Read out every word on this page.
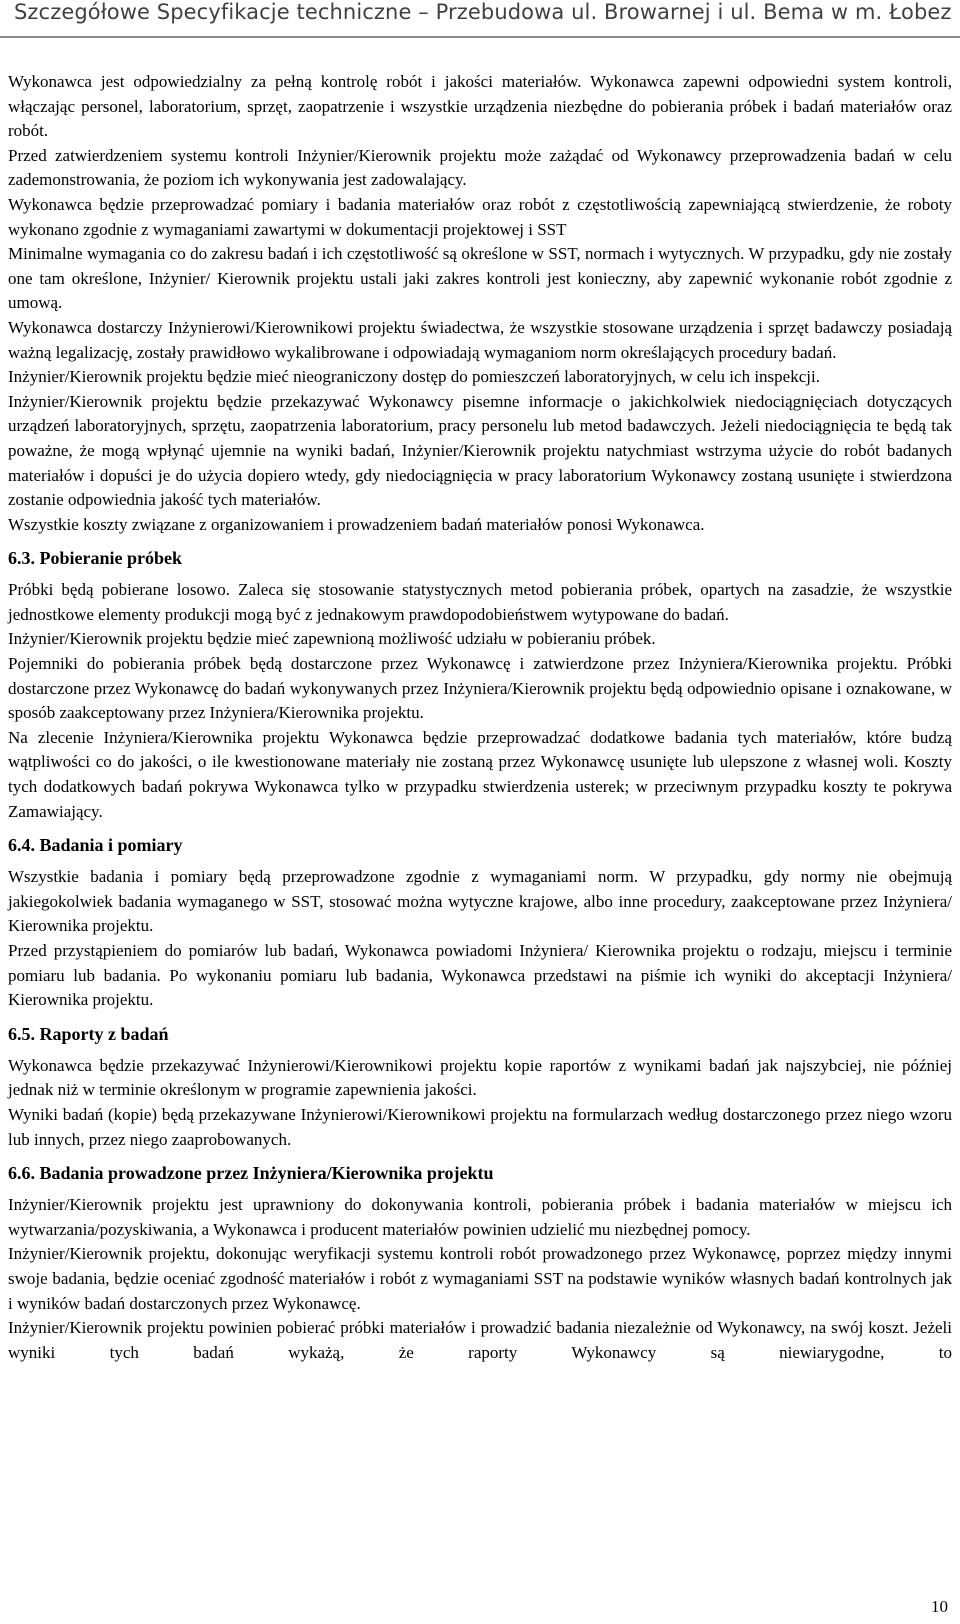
Szczegółowe Specyfikacje techniczne – Przebudowa ul. Browarnej i ul. Bema w m. Łobez

Wykonawca jest odpowiedzialny za pełną kontrolę robót i jakości materiałów. Wykonawca zapewni odpowiedni system kontroli, włączając personel, laboratorium, sprzęt, zaopatrzenie i wszystkie urządzenia niezbędne do pobierania próbek i badań materiałów oraz robót.

Przed zatwierdzeniem systemu kontroli Inżynier/Kierownik projektu może zażądać od Wykonawcy przeprowadzenia badań w celu zademonstrowania, że poziom ich wykonywania jest zadowalający.

Wykonawca będzie przeprowadzać pomiary i badania materiałów oraz robót z częstotliwością zapewniającą stwierdzenie, że roboty wykonano zgodnie z wymaganiami zawartymi w dokumentacji projektowej i SST

Minimalne wymagania co do zakresu badań i ich częstotliwość są określone w SST, normach i wytycznych. W przypadku, gdy nie zostały one tam określone, Inżynier/ Kierownik projektu ustali jaki zakres kontroli jest konieczny, aby zapewnić wykonanie robót zgodnie z umową.

Wykonawca dostarczy Inżynierowi/Kierownikowi projektu świadectwa, że wszystkie stosowane urządzenia i sprzęt badawczy posiadają ważną legalizację, zostały prawidłowo wykalibrowane i odpowiadają wymaganiom norm określających procedury badań.

Inżynier/Kierownik projektu będzie mieć nieograniczony dostęp do pomieszczeń laboratoryjnych, w celu ich inspekcji.

Inżynier/Kierownik projektu będzie przekazywać Wykonawcy pisemne informacje o jakichkolwiek niedociągnięciach dotyczących urządzeń laboratoryjnych, sprzętu, zaopatrzenia laboratorium, pracy personelu lub metod badawczych. Jeżeli niedociągnięcia te będą tak poważne, że mogą wpłynąć ujemnie na wyniki badań, Inżynier/Kierownik projektu natychmiast wstrzyma użycie do robót badanych materiałów i dopuści je do użycia dopiero wtedy, gdy niedociągnięcia w pracy laboratorium Wykonawcy zostaną usunięte i stwierdzona zostanie odpowiednia jakość tych materiałów.

Wszystkie koszty związane z organizowaniem i prowadzeniem badań materiałów ponosi Wykonawca.

6.3. Pobieranie próbek

Próbki będą pobierane losowo. Zaleca się stosowanie statystycznych metod pobierania próbek, opartych na zasadzie, że wszystkie jednostkowe elementy produkcji mogą być z jednakowym prawdopodobieństwem wytypowane do badań.

Inżynier/Kierownik projektu będzie mieć zapewnioną możliwość udziału w pobieraniu próbek.

Pojemniki do pobierania próbek będą dostarczone przez Wykonawcę i zatwierdzone przez Inżyniera/Kierownika projektu. Próbki dostarczone przez Wykonawcę do badań wykonywanych przez Inżyniera/Kierownik projektu będą odpowiednio opisane i oznakowane, w sposób zaakceptowany przez Inżyniera/Kierownika projektu.

Na zlecenie Inżyniera/Kierownika projektu Wykonawca będzie przeprowadzać dodatkowe badania tych materiałów, które budzą wątpliwości co do jakości, o ile kwestionowane materiały nie zostaną przez Wykonawcę usunięte lub ulepszone z własnej woli. Koszty tych dodatkowych badań pokrywa Wykonawca tylko w przypadku stwierdzenia usterek; w przeciwnym przypadku koszty te pokrywa Zamawiający.

6.4. Badania i pomiary

Wszystkie badania i pomiary będą przeprowadzone zgodnie z wymaganiami norm. W przypadku, gdy normy nie obejmują jakiegokolwiek badania wymaganego w SST, stosować można wytyczne krajowe, albo inne procedury, zaakceptowane przez Inżyniera/ Kierownika projektu.

Przed przystąpieniem do pomiarów lub badań, Wykonawca powiadomi Inżyniera/ Kierownika projektu o rodzaju, miejscu i terminie pomiaru lub badania. Po wykonaniu pomiaru lub badania, Wykonawca przedstawi na piśmie ich wyniki do akceptacji Inżyniera/ Kierownika projektu.

6.5. Raporty z badań

Wykonawca będzie przekazywać Inżynierowi/Kierownikowi projektu kopie raportów z wynikami badań jak najszybciej, nie później jednak niż w terminie określonym w programie zapewnienia jakości.

Wyniki badań (kopie) będą przekazywane Inżynierowi/Kierownikowi projektu na formularzach według dostarczonego przez niego wzoru lub innych, przez niego zaaprobowanych.

6.6. Badania prowadzone przez Inżyniera/Kierownika projektu

Inżynier/Kierownik projektu jest uprawniony do dokonywania kontroli, pobierania próbek i badania materiałów w miejscu ich wytwarzania/pozyskiwania, a Wykonawca i producent materiałów powinien udzielić mu niezbędnej pomocy.

Inżynier/Kierownik projektu, dokonując weryfikacji systemu kontroli robót prowadzonego przez Wykonawcę, poprzez między innymi swoje badania, będzie oceniać zgodność materiałów i robót z wymaganiami SST na podstawie wyników własnych badań kontrolnych jak i wyników badań dostarczonych przez Wykonawcę.

Inżynier/Kierownik projektu powinien pobierać próbki materiałów i prowadzić badania niezależnie od Wykonawcy, na swój koszt. Jeżeli wyniki tych badań wykażą, że raporty Wykonawcy są niewiarygodne, to

10
